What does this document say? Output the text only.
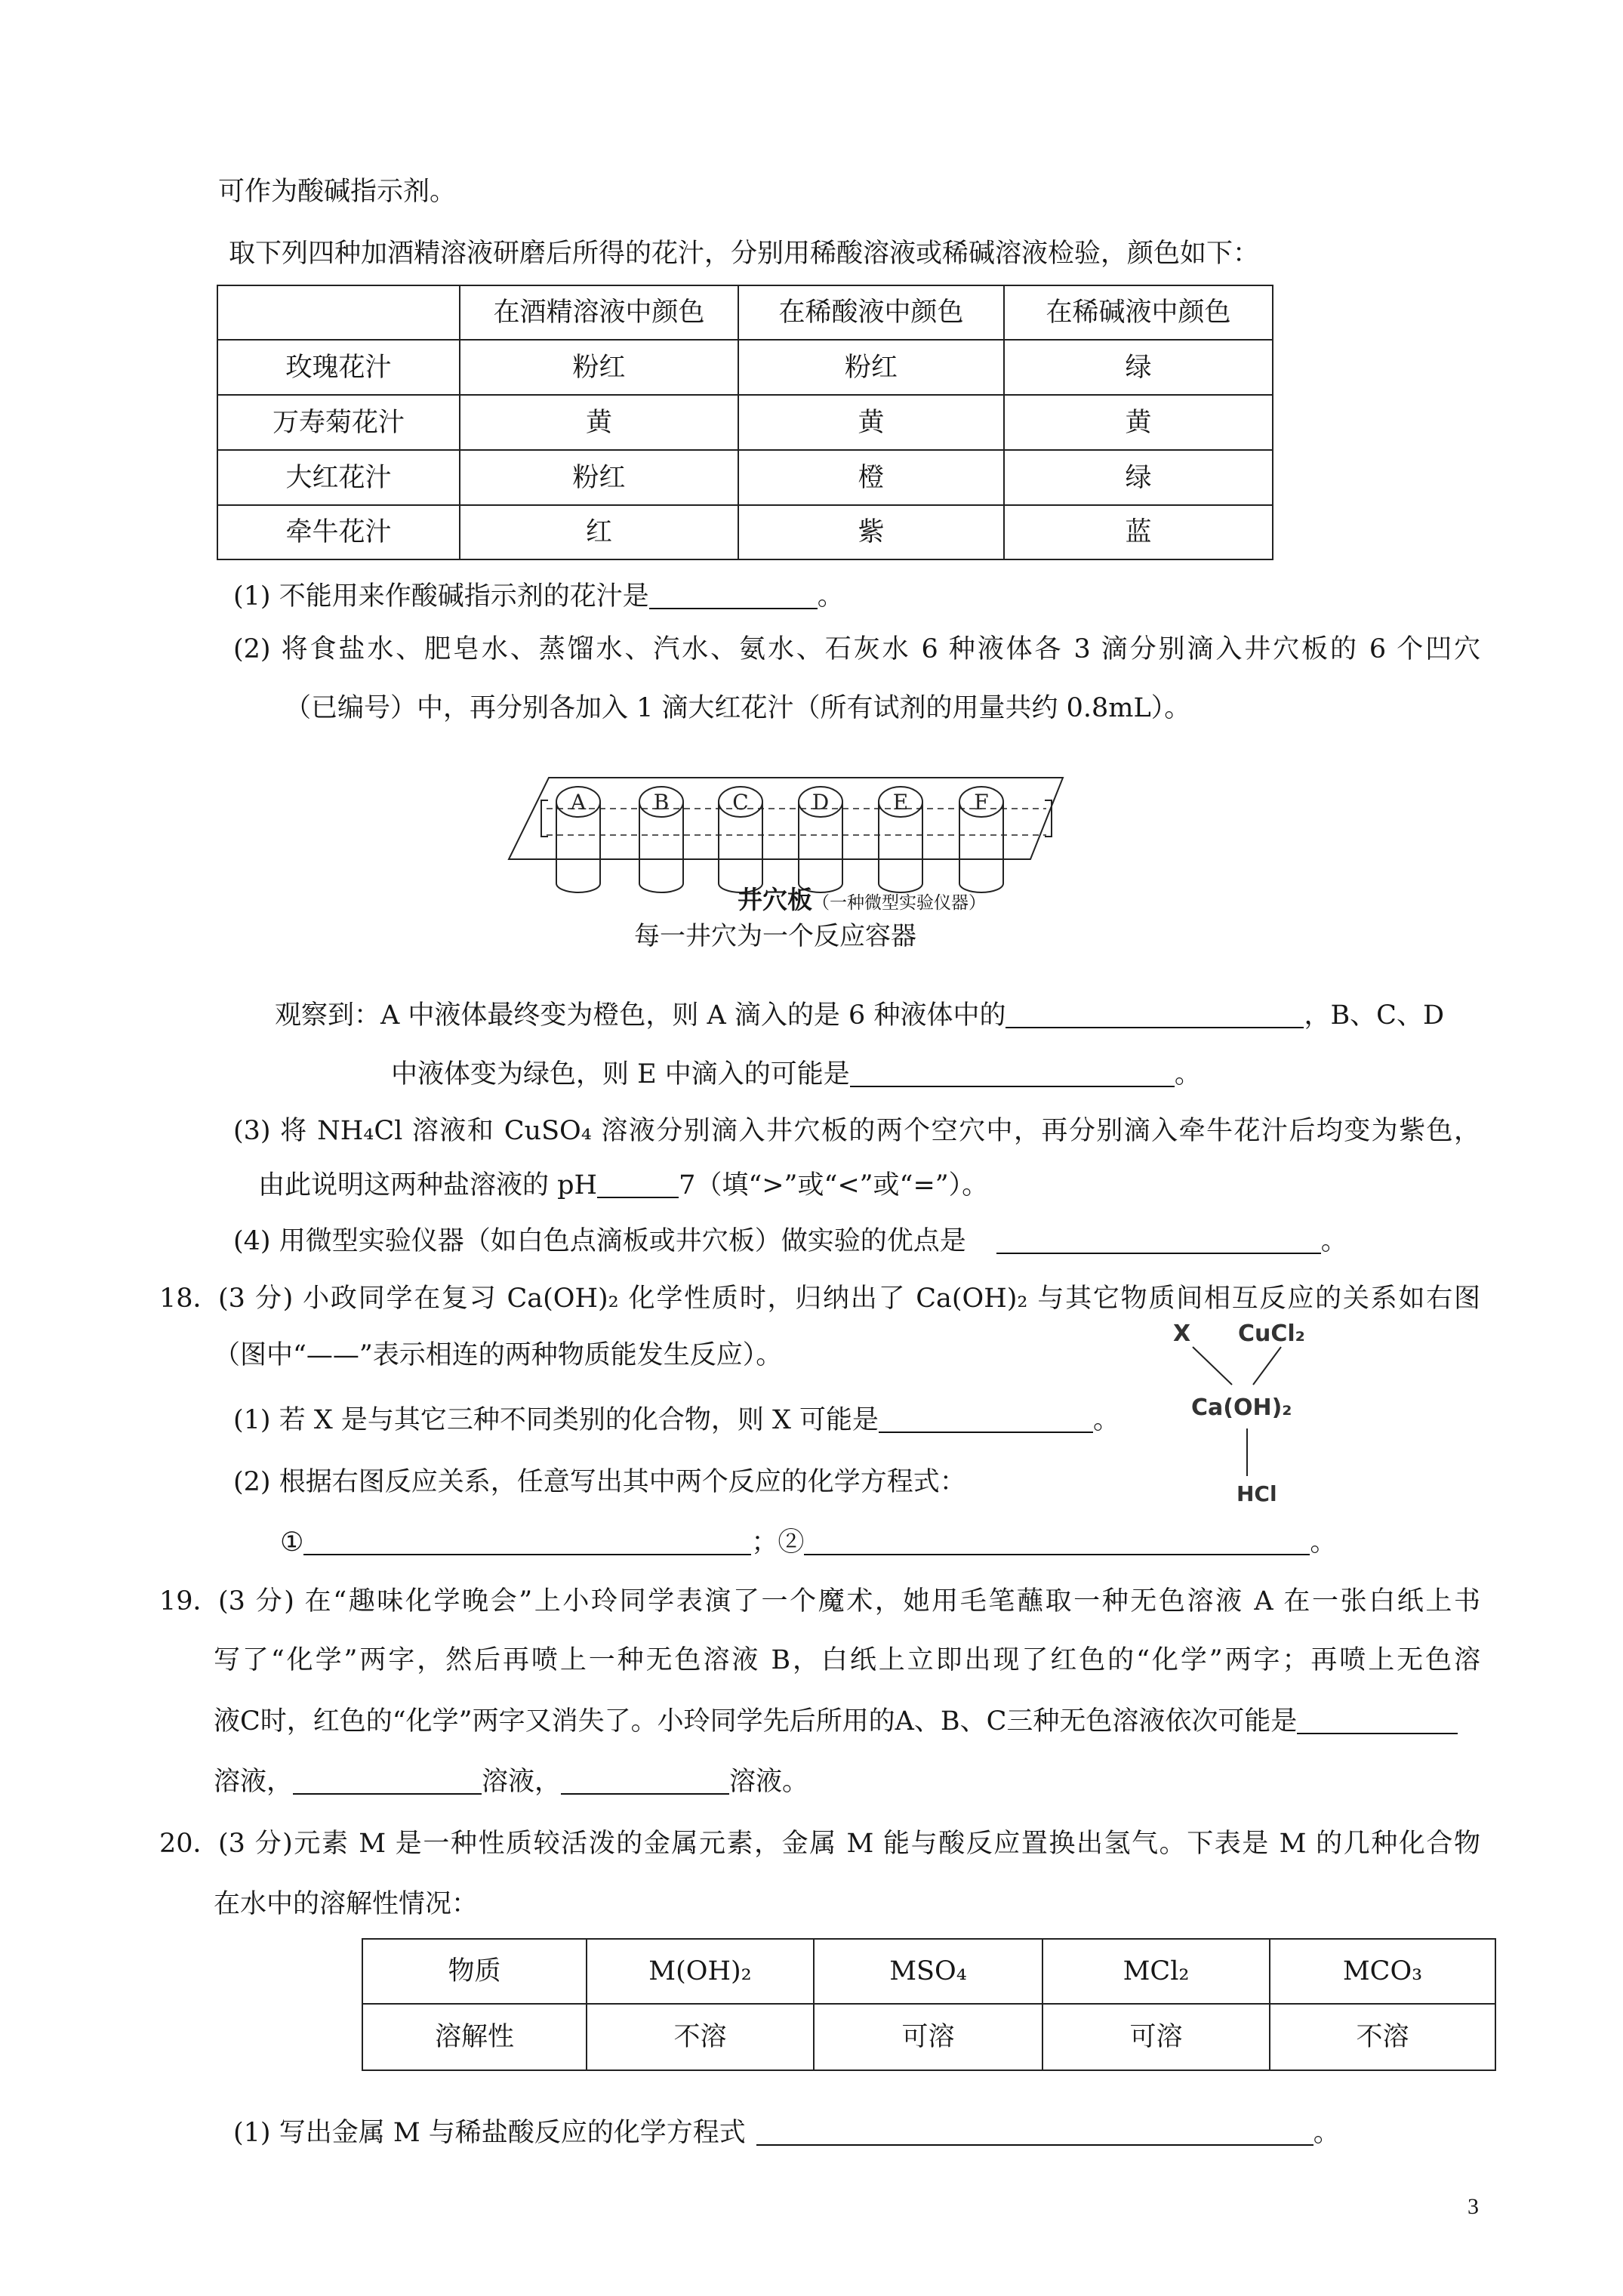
可作为酸碱指示剂。
取下列四种加酒精溶液研磨后所得的花汁，分别用稀酸溶液或稀碱溶液检验，颜色如下：
	在酒精溶液中颜色	在稀酸液中颜色	在稀碱液中颜色
玫瑰花汁	粉红	粉红	绿
万寿菊花汁	黄	黄	黄
大红花汁	粉红	橙	绿
牵牛花汁	红	紫	蓝
(1) 不能用来作酸碱指示剂的花汁是	。
(2) 将食盐水、肥皂水、蒸馏水、汽水、氨水、石灰水 6 种液体各 3 滴分别滴入井穴板的 6 个凹穴
（已编号）中，再分别各加入 1 滴大红花汁（所有试剂的用量共约 0.8mL）。
A	B	C	D	E	F
井穴板（一种微型实验仪器）
每一井穴为一个反应容器
观察到：A 中液体最终变为橙色，则 A 滴入的是 6 种液体中的	，B、C、D
中液体变为绿色，则 E 中滴入的可能是	。
(3) 将 NH₄Cl 溶液和 CuSO₄ 溶液分别滴入井穴板的两个空穴中，再分别滴入牵牛花汁后均变为紫色，
由此说明这两种盐溶液的 pH	7（填“>”或“<”或“=”）。
(4) 用微型实验仪器（如白色点滴板或井穴板）做实验的优点是	。
18．
(3 分) 小政同学在复习 Ca(OH)₂ 化学性质时，归纳出了 Ca(OH)₂ 与其它物质间相互反应的关系如右图
（图中“——”表示相连的两种物质能发生反应）。
(1) 若 X 是与其它三种不同类别的化合物，则 X 可能是	。
(2) 根据右图反应关系，任意写出其中两个反应的化学方程式：
①	；②	。
X CuCl₂
Ca(OH)₂
HCl
19．
(3 分) 在“趣味化学晚会”上小玲同学表演了一个魔术，她用毛笔蘸取一种无色溶液 A 在一张白纸上书
写了“化学”两字，然后再喷上一种无色溶液 B，白纸上立即出现了红色的“化学”两字；再喷上无色溶
液C时，红色的“化学”两字又消失了。小玲同学先后所用的A、B、C三种无色溶液依次可能是
溶液，	溶液，	溶液。
20．
(3 分)元素 M 是一种性质较活泼的金属元素，金属 M 能与酸反应置换出氢气。下表是 M 的几种化合物
在水中的溶解性情况：
物质	M(OH)₂	MSO₄	MCl₂	MCO₃
溶解性	不溶	可溶	可溶	不溶
(1) 写出金属 M 与稀盐酸反应的化学方程式	。
3
